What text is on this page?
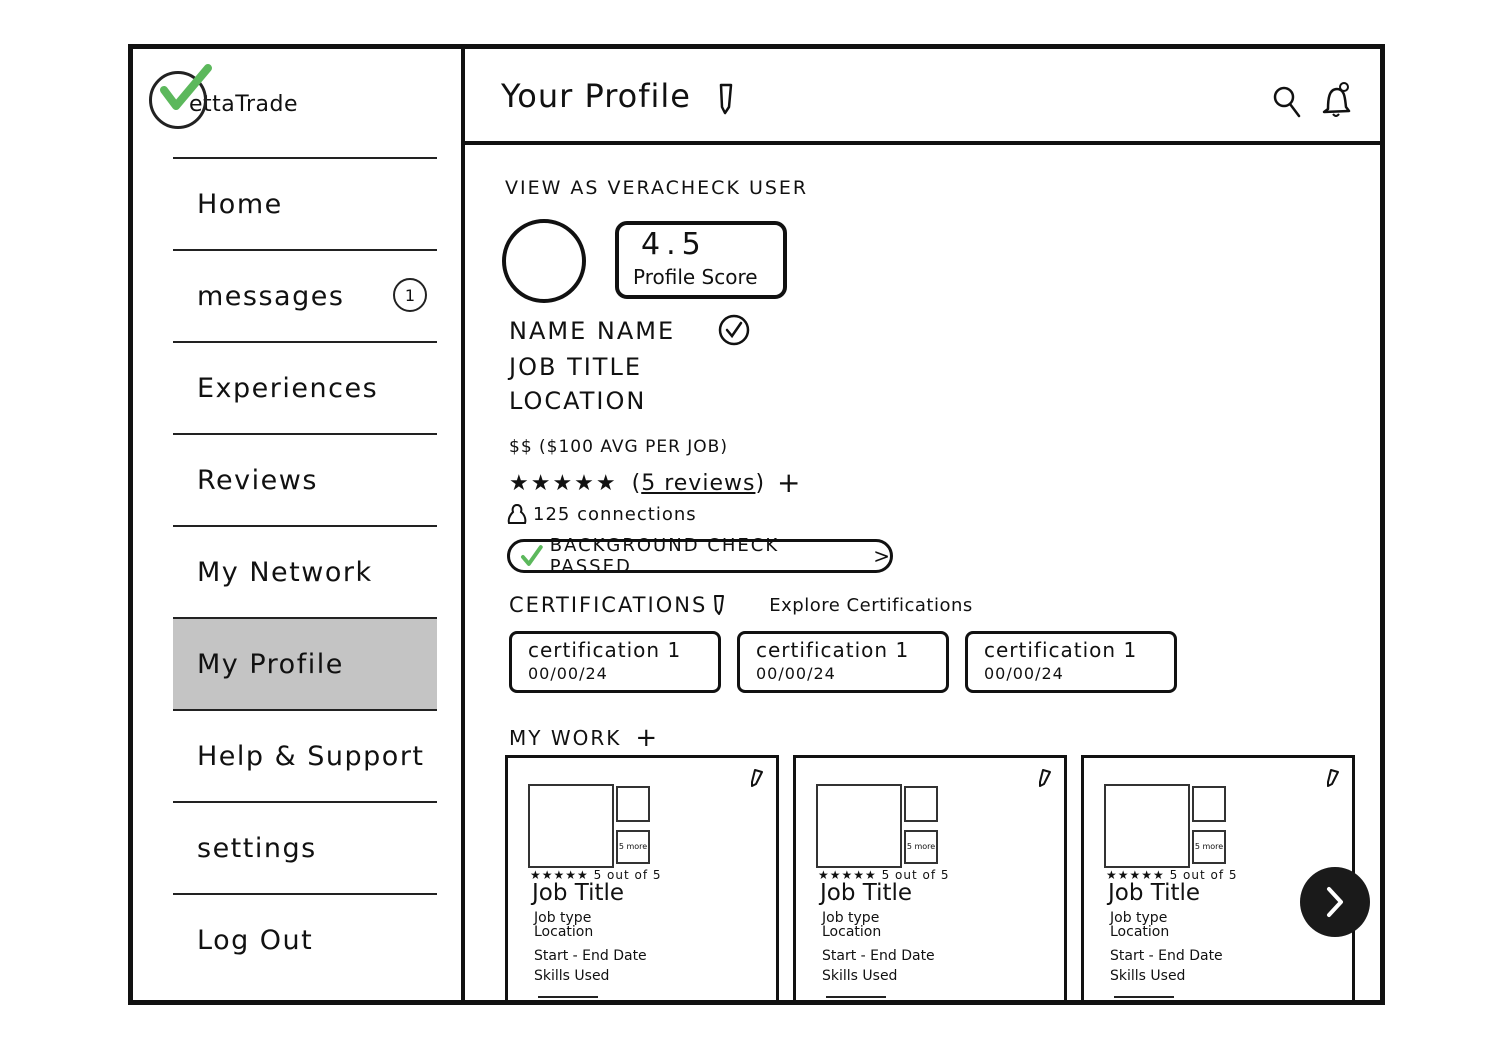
ettaTrade
Home
messages	1
Experiences
Reviews
My Network
My Profile
Help & Support
settings
Log Out
Your Profile
VIEW AS VERACHECK USER
4.5
Profile Score
NAME NAME
JOB TITLE
LOCATION
$$ ($100 AVG PER JOB)
★★★★★ (5 reviews) +
125 connections
BACKGROUND CHECK PASSED	>
CERTIFICATIONS	Explore Certifications
certification 1
00/00/24
certification 1
00/00/24
certification 1
00/00/24
MY WORK +
5 more
★★★★★ 5 out of 5
Job Title
Job type
Location
Start - End Date
Skills Used
5 more
★★★★★ 5 out of 5
Job Title
Job type
Location
Start - End Date
Skills Used
5 more
★★★★★ 5 out of 5
Job Title
Job type
Location
Start - End Date
Skills Used
